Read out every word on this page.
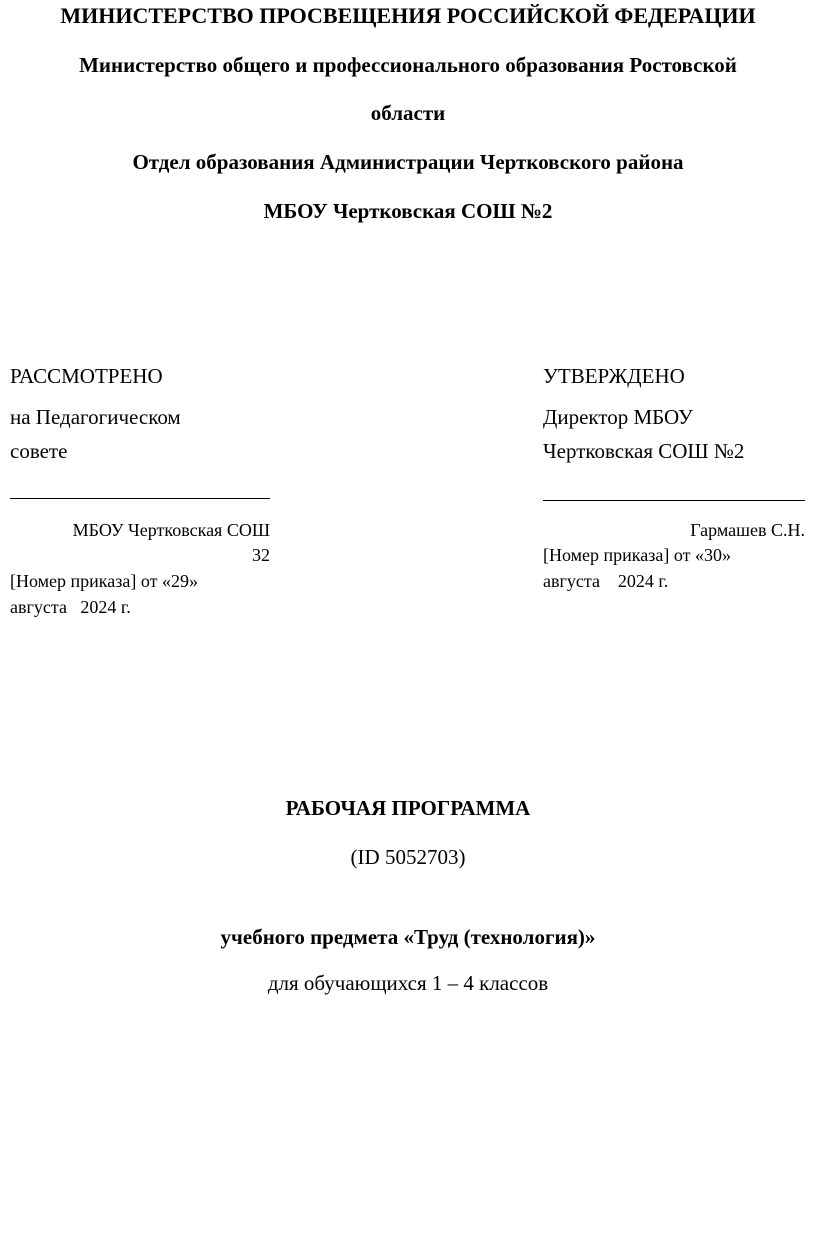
МИНИСТЕРСТВО ПРОСВЕЩЕНИЯ РОССИЙСКОЙ ФЕДЕРАЦИИ
Министерство общего и профессионального образования Ростовской
области
Отдел образования Администрации Чертковского района
МБОУ Чертковская СОШ №2
РАССМОТРЕНО
на Педагогическом
совете
МБОУ Чертковская СОШ
32
[Номер приказа] от «29»
августа   2024 г.
УТВЕРЖДЕНО
Директор МБОУ
Чертковская СОШ №2
Гармашев С.Н.
[Номер приказа] от «30»
августа    2024 г.
РАБОЧАЯ ПРОГРАММА
(ID 5052703)
учебного предмета «Труд (технология)»
для обучающихся 1 – 4 классов
